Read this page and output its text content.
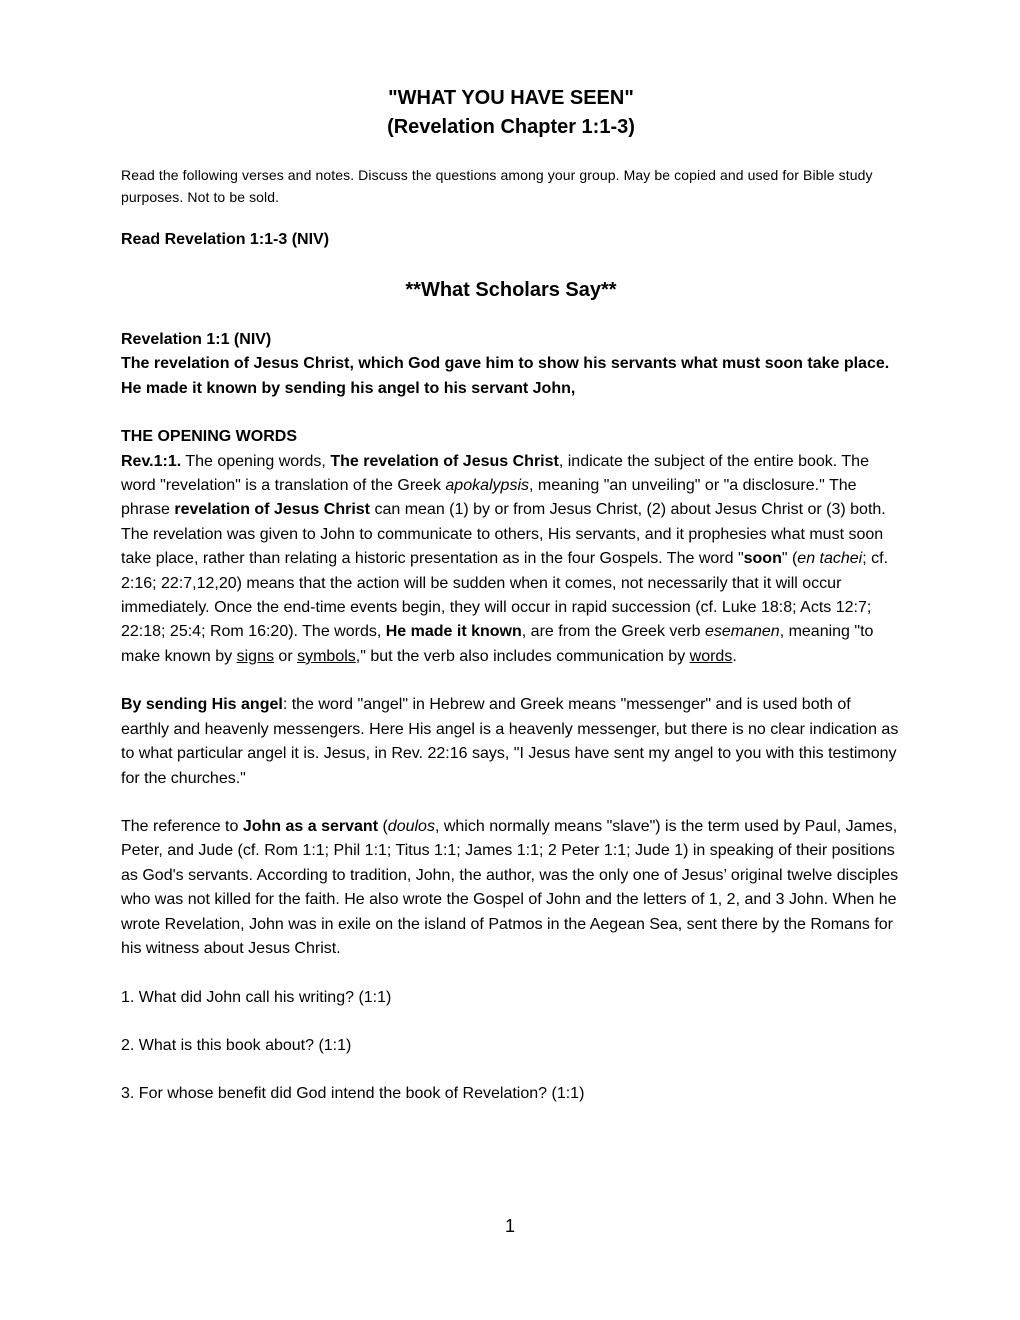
"WHAT YOU HAVE SEEN"
(Revelation Chapter 1:1-3)

Read the following verses and notes. Discuss the questions among your group. May be copied and used for Bible study purposes. Not to be sold.

Read Revelation 1:1-3 (NIV)

**What Scholars Say**

Revelation 1:1 (NIV)

The revelation of Jesus Christ, which God gave him to show his servants what must soon take place. He made it known by sending his angel to his servant John,

THE OPENING WORDS

Rev.1:1. The opening words, The revelation of Jesus Christ, indicate the subject of the entire book. The word "revelation" is a translation of the Greek apokalypsis, meaning "an unveiling" or "a disclosure." The phrase revelation of Jesus Christ can mean (1) by or from Jesus Christ, (2) about Jesus Christ or (3) both. The revelation was given to John to communicate to others, His servants, and it prophesies what must soon take place, rather than relating a historic presentation as in the four Gospels. The word "soon" (en tachei; cf. 2:16; 22:7,12,20) means that the action will be sudden when it comes, not necessarily that it will occur immediately. Once the end-time events begin, they will occur in rapid succession (cf. Luke 18:8; Acts 12:7; 22:18; 25:4; Rom 16:20). The words, He made it known, are from the Greek verb esemanen, meaning "to make known by signs or symbols," but the verb also includes communication by words.

By sending His angel: the word "angel" in Hebrew and Greek means "messenger" and is used both of earthly and heavenly messengers. Here His angel is a heavenly messenger, but there is no clear indication as to what particular angel it is. Jesus, in Rev. 22:16 says, "I Jesus have sent my angel to you with this testimony for the churches."

The reference to John as a servant (doulos, which normally means "slave") is the term used by Paul, James, Peter, and Jude (cf. Rom 1:1; Phil 1:1; Titus 1:1; James 1:1; 2 Peter 1:1; Jude 1) in speaking of their positions as God's servants. According to tradition, John, the author, was the only one of Jesus’ original twelve disciples who was not killed for the faith. He also wrote the Gospel of John and the letters of 1, 2, and 3 John. When he wrote Revelation, John was in exile on the island of Patmos in the Aegean Sea, sent there by the Romans for his witness about Jesus Christ.

1. What did John call his writing? (1:1)

2. What is this book about? (1:1)

3. For whose benefit did God intend the book of Revelation? (1:1)

1
